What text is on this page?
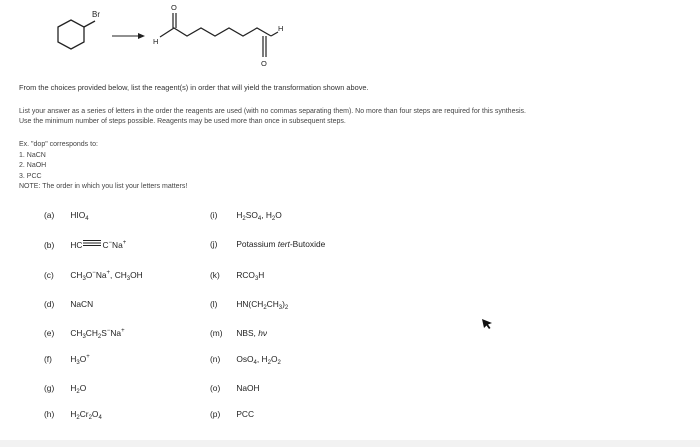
Br
H
O
H
O
From the choices provided below, list the reagent(s) in order that will yield the transformation shown above.
List your answer as a series of letters in the order the reagents are used (with no commas separating them). No more than four steps are required for this synthesis.
Use the minimum number of steps possible. Reagents may be used more than once in subsequent steps.
Ex. "dop" corresponds to:
1. NaCN
2. NaOH
3. PCC
NOTE: The order in which you list your letters matters!
(a) $HIO_4$
(b) HC C−Na+
(c) $CH_3O^-Na^+$, $CH_3OH$
(d) NaCN
(e) $CH_3CH_2S^-Na^+$
(f) $H_3O^+$
(g) $H_2O$
(h) $H_2Cr_2O_4$
(i) $H_2SO_4$, $H_2O$
(j) Potassium tert-Butoxide
(k) $RCO_3H$
(l) $HN(CH_2CH_3)_2$
(m) NBS, hν
(n) OsO$_4$, $H_2O_2$
(o) NaOH
(p) PCC
